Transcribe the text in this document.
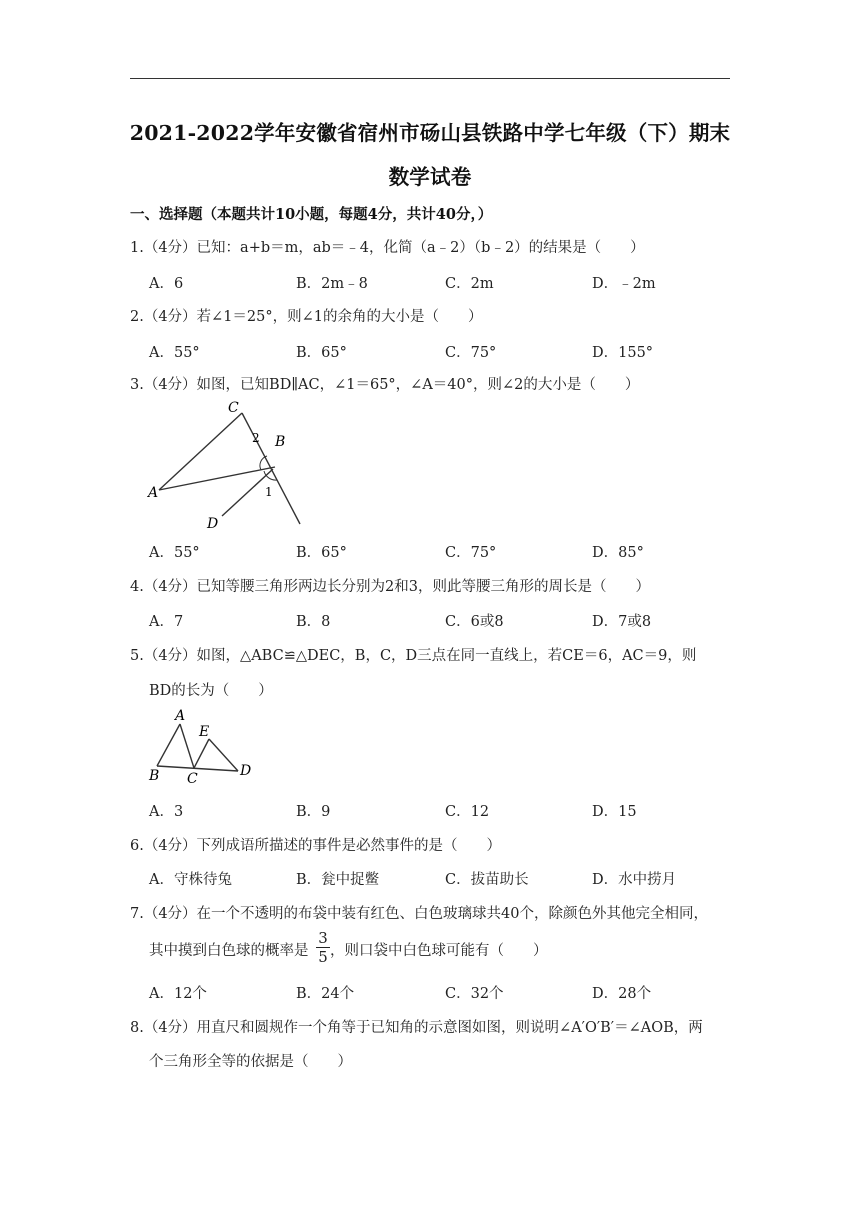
2021-2022学年安徽省宿州市砀山县铁路中学七年级（下）期末
数学试卷
一、选择题（本题共计10小题，每题4分，共计40分，）
1.（4分）已知：a+b＝m，ab＝﹣4，化简（a﹣2）（b﹣2）的结果是（　　）
A．6	B．2m﹣8	C．2m	D．﹣2m
2.（4分）若∠1＝25°，则∠1的余角的大小是（　　）
A．55°	B．65°	C．75°	D．155°
3.（4分）如图，已知BD∥AC，∠1＝65°，∠A＝40°，则∠2的大小是（　　）
C
A
B
D
1
2
A．55°	B．65°	C．75°	D．85°
4.（4分）已知等腰三角形两边长分别为2和3，则此等腰三角形的周长是（　　）
A．7	B．8	C．6或8	D．7或8
5.（4分）如图，△ABC≌△DEC，B，C，D三点在同一直线上，若CE＝6，AC＝9，则
BD的长为（　　）
A
E
B C	D
A．3	B．9	C．12	D．15
6.（4分）下列成语所描述的事件是必然事件的是（　　）
A．守株待兔	B．瓮中捉鳖	C．拔苗助长	D．水中捞月
7.（4分）在一个不透明的布袋中装有红色、白色玻璃球共40个，除颜色外其他完全相同，
其中摸到白色球的概率是
3
5 ，则口袋中白色球可能有（　　）
A．12个	B．24个	C．32个	D．28个
8.（4分）用直尺和圆规作一个角等于已知角的示意图如图，则说明∠A′O′B′＝∠AOB，两
个三角形全等的依据是（　　）
